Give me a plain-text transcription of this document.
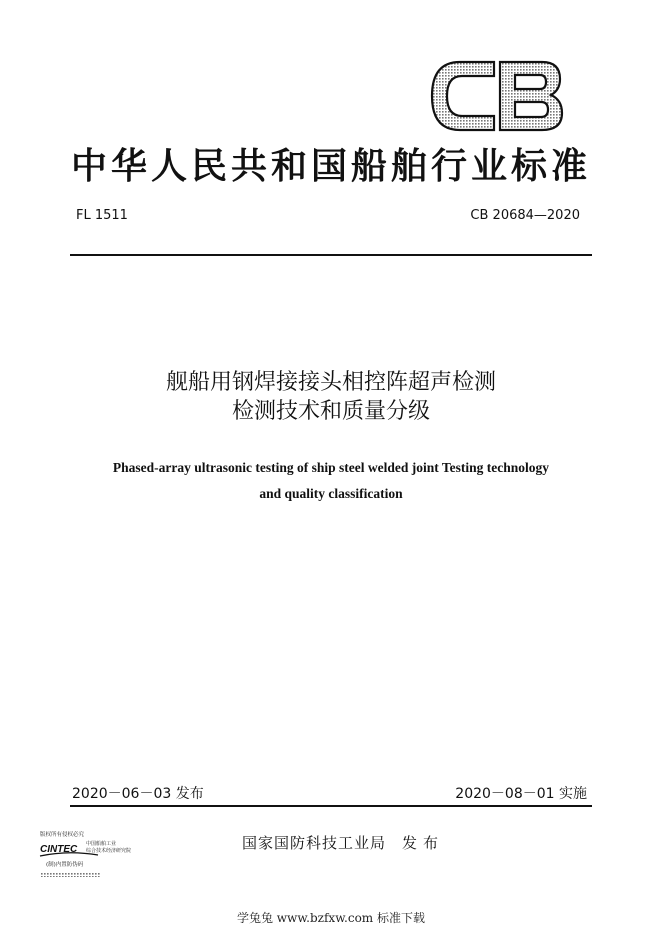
中华人民共和国船舶行业标准
FL 1511	CB 20684—2020
舰船用钢焊接接头相控阵超声检测
检测技术和质量分级
Phased-array ultrasonic testing of ship steel welded joint Testing technology
and quality classification
2020－06－03 发布	2020－08－01 实施
版权所有侵权必究
CINTEC 中国船舶工业
综合技术经济研究院
(制)内置防伪码
国家国防科技工业局 发布
学兔兔 www.bzfxw.com 标准下载
